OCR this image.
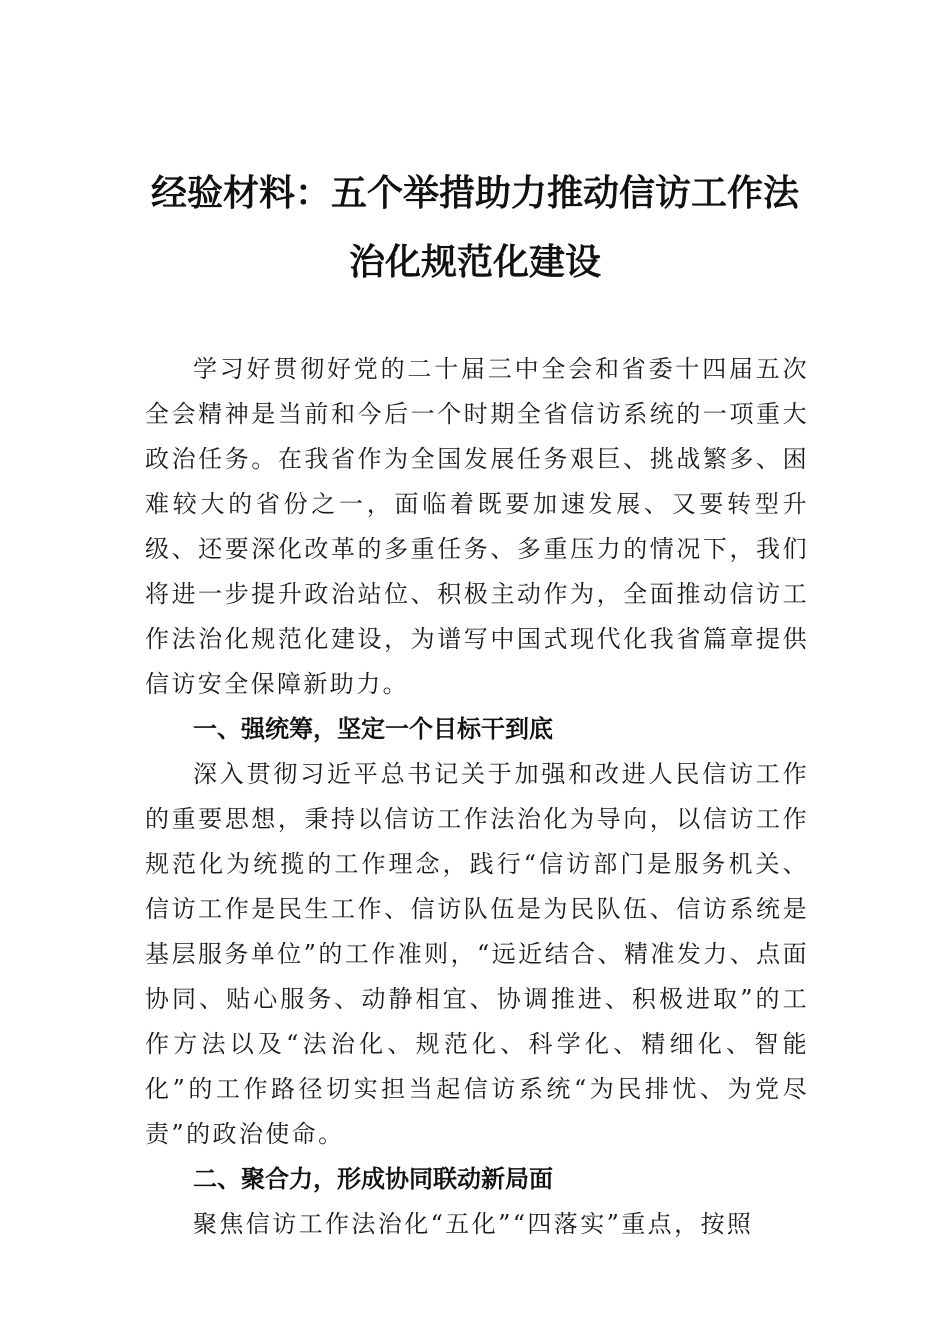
经验材料：五个举措助力推动信访工作法
治化规范化建设

学习好贯彻好党的二十届三中全会和省委十四届五次全会精神是当前和今后一个时期全省信访系统的一项重大政治任务。在我省作为全国发展任务艰巨、挑战繁多、困难较大的省份之一，面临着既要加速发展、又要转型升级、还要深化改革的多重任务、多重压力的情况下，我们将进一步提升政治站位、积极主动作为，全面推动信访工作法治化规范化建设，为谱写中国式现代化我省篇章提供信访安全保障新助力。

一、强统筹，坚定一个目标干到底

深入贯彻习近平总书记关于加强和改进人民信访工作的重要思想，秉持以信访工作法治化为导向，以信访工作规范化为统揽的工作理念，践行“信访部门是服务机关、信访工作是民生工作、信访队伍是为民队伍、信访系统是基层服务单位”的工作准则，“远近结合、精准发力、点面协同、贴心服务、动静相宜、协调推进、积极进取”的工作方法以及“法治化、规范化、科学化、精细化、智能化”的工作路径切实担当起信访系统“为民排忧、为党尽责”的政治使命。

二、聚合力，形成协同联动新局面

聚焦信访工作法治化“五化”“四落实”重点，按照
